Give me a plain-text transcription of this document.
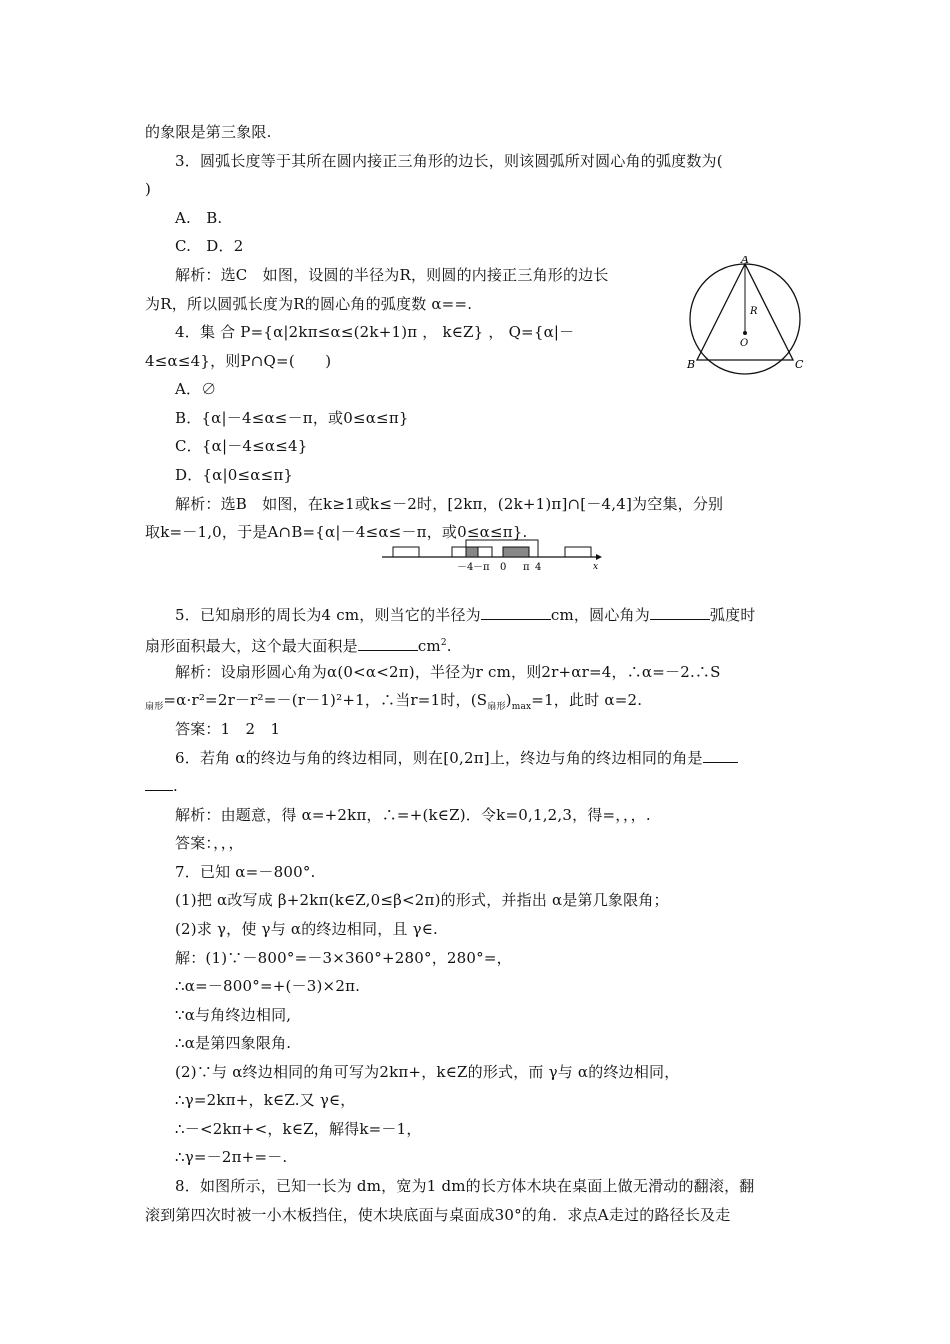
的象限是第三象限.
3．圆弧长度等于其所在圆内接正三角形的边长，则该圆弧所对圆心角的弧度数为(
)
A.　B.
C.　D．2
解析：选C　如图，设圆的半径为R，则圆的内接正三角形的边长
为R，所以圆弧长度为R的圆心角的弧度数 α==.
4．集 合 P={α|2kπ≤α≤(2k+1)π ， k∈Z} ， Q={α|－
4≤α≤4}，则P∩Q=(　　)
A．∅
B．{α|－4≤α≤－π，或0≤α≤π}
C．{α|－4≤α≤4}
D．{α|0≤α≤π}
解析：选B　如图，在k≥1或k≤－2时，[2kπ，(2k+1)π]∩[－4,4]为空集，分别
取k=－1,0，于是A∩B={α|－4≤α≤－π，或0≤α≤π}.
A
B	C
O
R
－4 －π 0 π 4	x
5．已知扇形的周长为4 cm，则当它的半径为	cm，圆心角为	弧度时
扇形面积最大，这个最大面积是	$cm^2$.
解析：设扇形圆心角为α(0<α<2π)，半径为r cm，则2r+αr=4，∴α=－2.∴S
$_{扇形}$=α·r²=2r－r²=－(r－1)²+1，∴当r=1时，$(S_{扇形})_{max}=1$，此时 α=2.
答案：1　2　1
6．若角 α的终边与角的终边相同，则在[0,2π]上，终边与角的终边相同的角是
.
解析：由题意，得 α=+2kπ，∴=+(k∈Z)．令k=0,1,2,3，得=，，，.
答案：，，，
7．已知 α=－800°.
(1)把 α改写成 β+2kπ(k∈Z,0≤β<2π)的形式，并指出 α是第几象限角；
(2)求 γ，使 γ与 α的终边相同，且 γ∈.
解：(1)∵－800°=－3×360°+280°，280°=，
∴α=－800°=+(－3)×2π.
∵α与角终边相同,
∴α是第四象限角.
(2)∵与 α终边相同的角可写为2kπ+，k∈Z的形式，而 γ与 α的终边相同，
∴γ=2kπ+，k∈Z.又 γ∈，
∴－<2kπ+<，k∈Z，解得k=－1，
∴γ=－2π+=－.
8．如图所示，已知一长为 dm，宽为1 dm的长方体木块在桌面上做无滑动的翻滚，翻
滚到第四次时被一小木板挡住，使木块底面与桌面成30°的角．求点A走过的路径长及走
